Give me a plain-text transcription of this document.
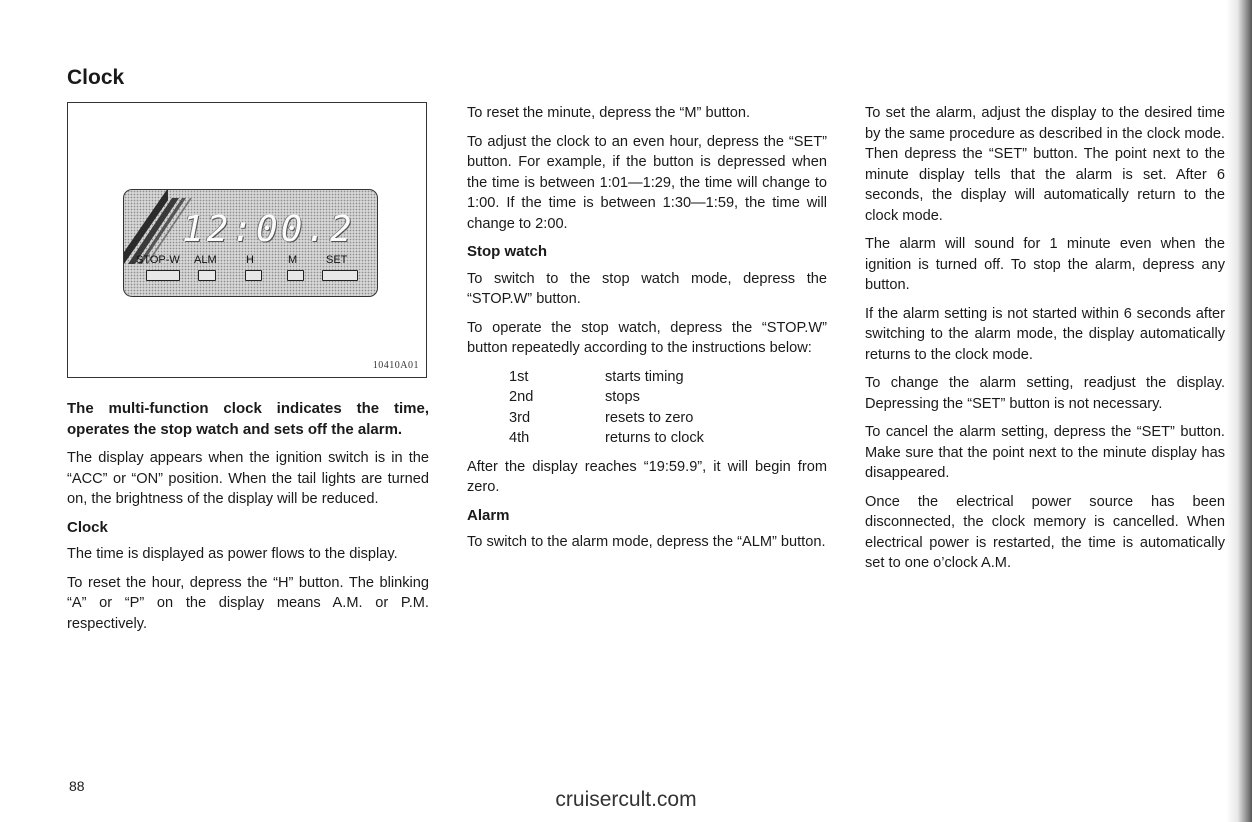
Clock
12:00.2
STOP-W ALM	H	M	SET
10410A01

The multi-function clock indicates the time, operates the stop watch and sets off the alarm.

The display appears when the ignition switch is in the “ACC” or “ON” position. When the tail lights are turned on, the brightness of the display will be reduced.

Clock

The time is displayed as power flows to the display.

To reset the hour, depress the “H” button. The blinking “A” or “P” on the display means A.M. or P.M. respectively.

To reset the minute, depress the “M” button.

To adjust the clock to an even hour, depress the “SET” button. For example, if the button is depressed when the time is between 1:01—1:29, the time will change to 1:00. If the time is between 1:30—1:59, the time will change to 2:00.

Stop watch

To switch to the stop watch mode, depress the “STOP.W” button.

To operate the stop watch, depress the “STOP.W” button repeatedly according to the instructions below:

1st	starts timing
2nd	stops
3rd	resets to zero
4th	returns to clock

After the display reaches “19:59.9”, it will begin from zero.

Alarm

To switch to the alarm mode, depress the “ALM” button.

To set the alarm, adjust the display to the desired time by the same procedure as described in the clock mode. Then depress the “SET” button. The point next to the minute display tells that the alarm is set. After 6 seconds, the display will automatically return to the clock mode.

The alarm will sound for 1 minute even when the ignition is turned off. To stop the alarm, depress any button.

If the alarm setting is not started within 6 seconds after switching to the alarm mode, the display automatically returns to the clock mode.

To change the alarm setting, readjust the display. Depressing the “SET” button is not necessary.

To cancel the alarm setting, depress the “SET” button. Make sure that the point next to the minute display has disappeared.

Once the electrical power source has been disconnected, the clock memory is cancelled. When electrical power is restarted, the time is automatically set to one o’clock A.M.

88
cruisercult.com
